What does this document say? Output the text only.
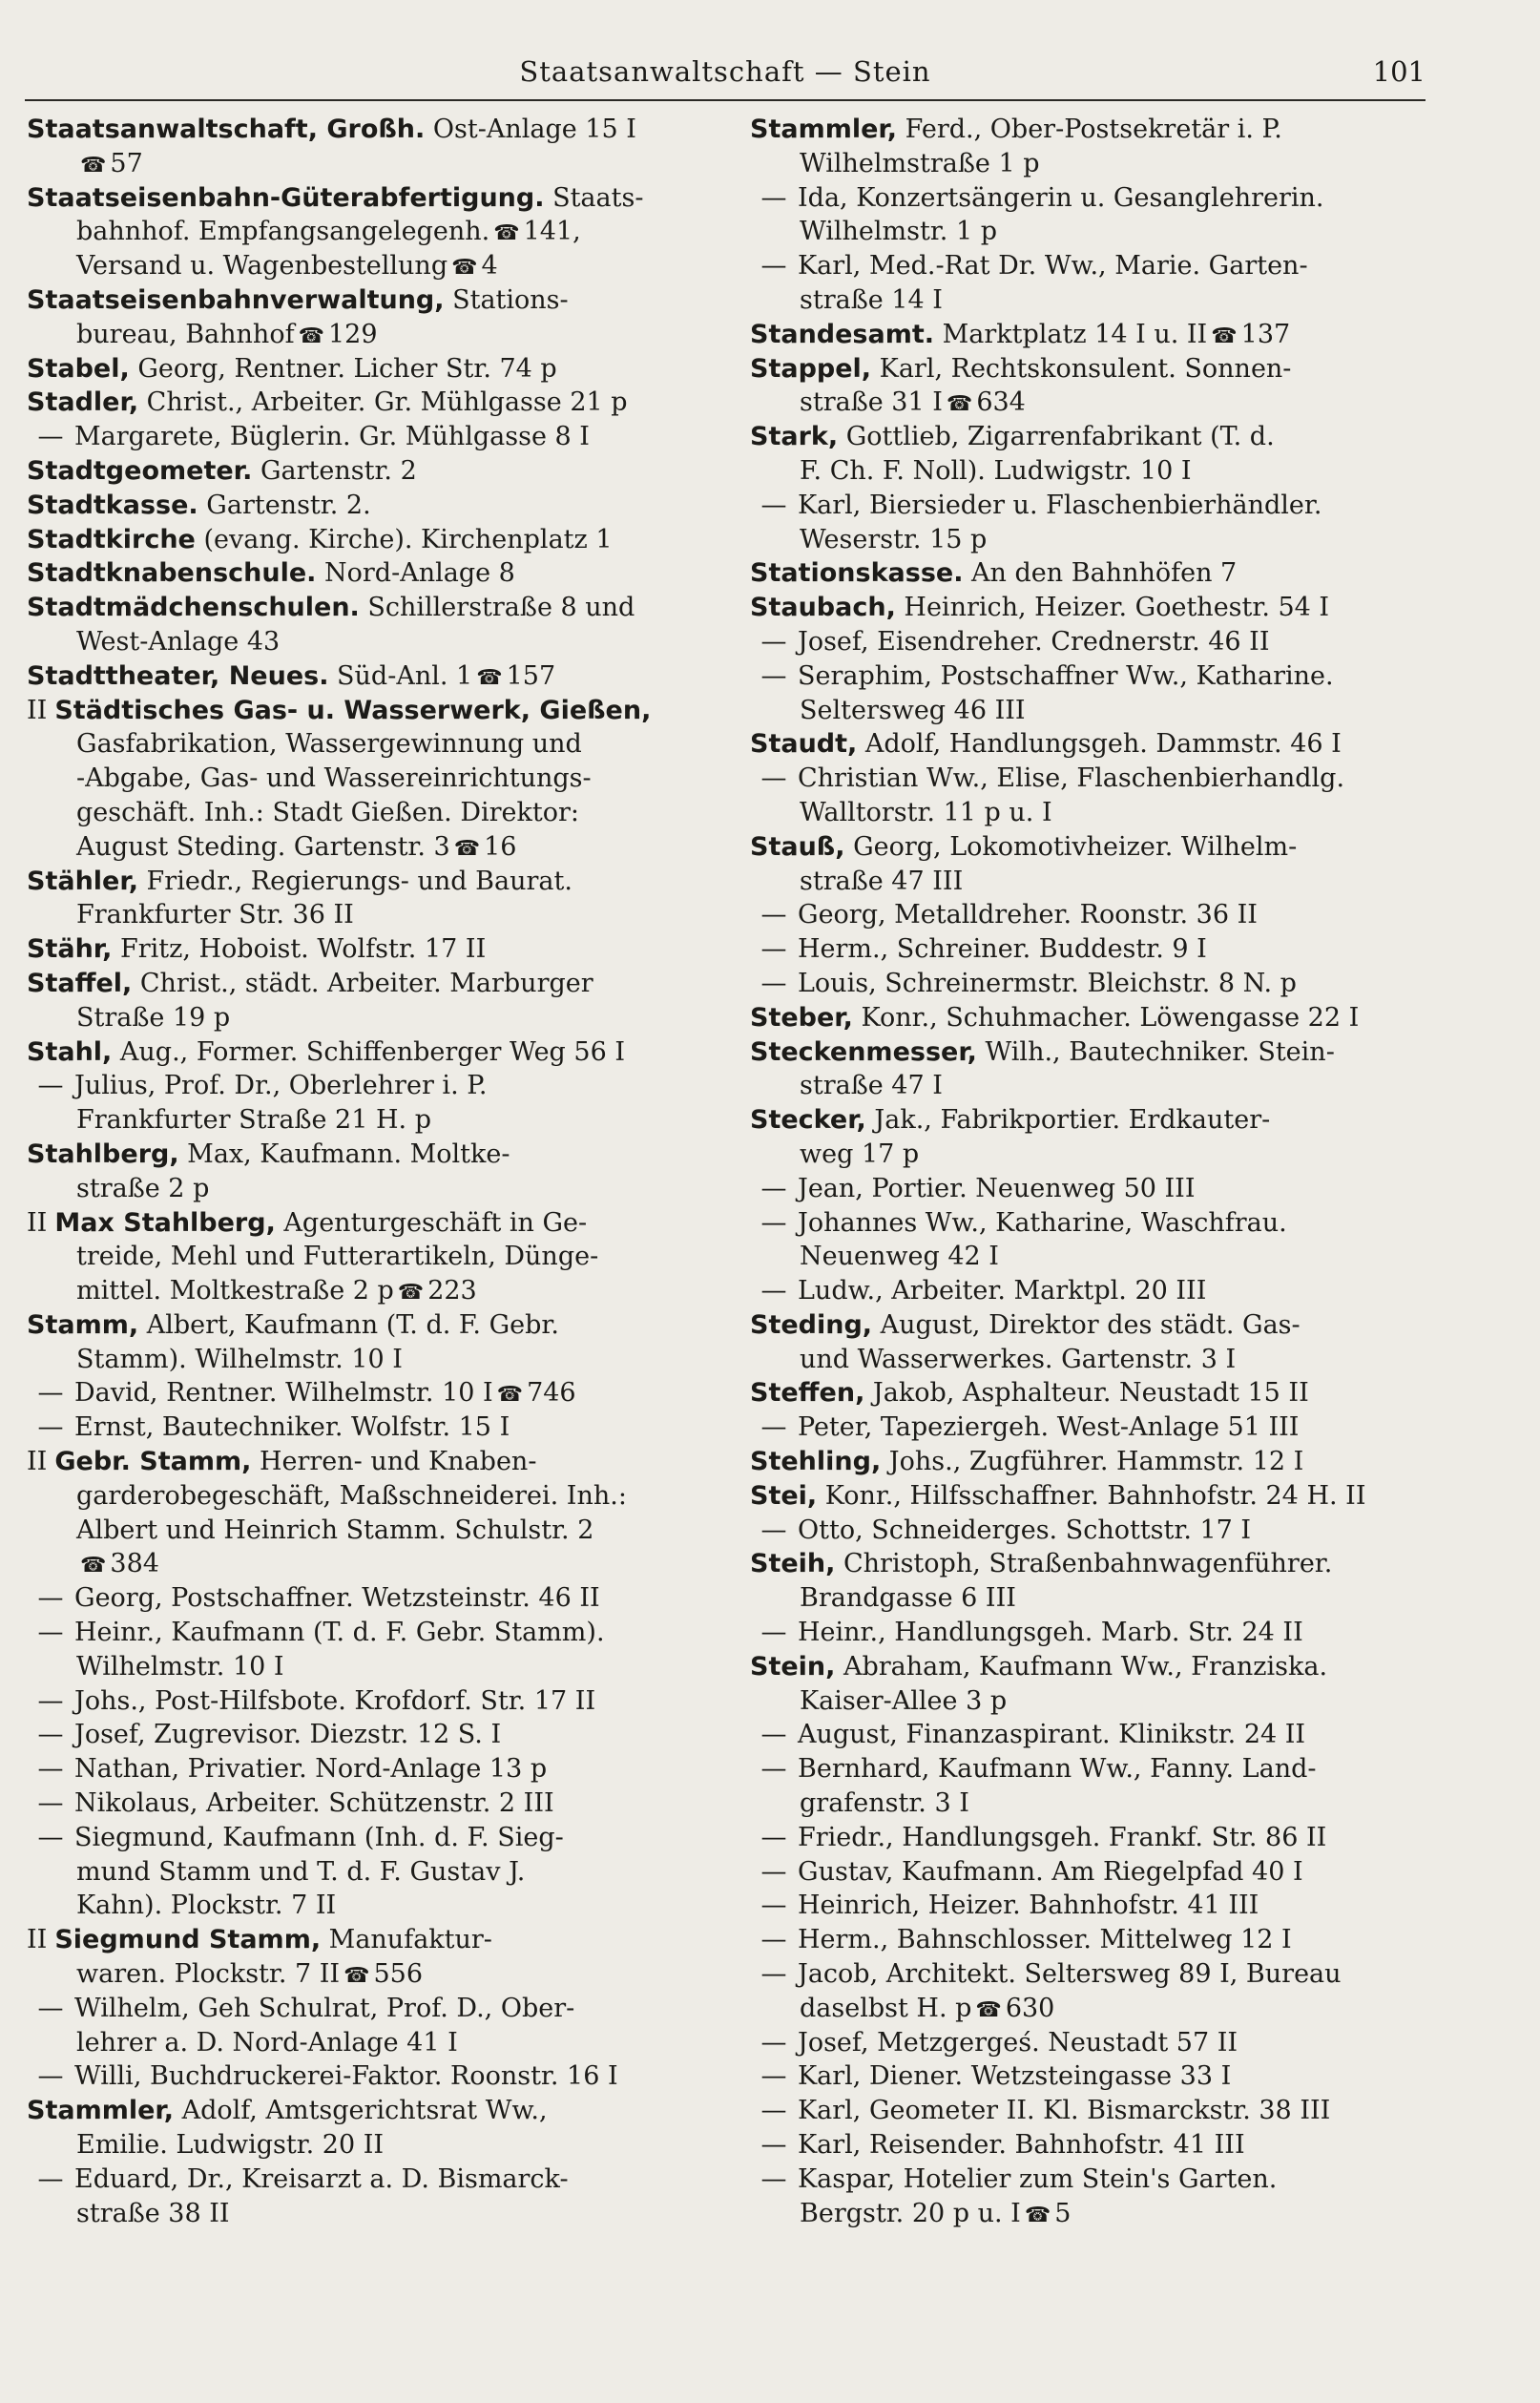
Staatsanwaltschaft — Stein	101
Staatsanwaltschaft, Großh. Ost-Anlage 15 I
☎ 57
Staatseisenbahn-Güterabfertigung. Staats-
bahnhof. Empfangsangelegenh. ☎ 141,
Versand u. Wagenbestellung ☎ 4
Staatseisenbahnverwaltung, Stations-
bureau, Bahnhof ☎ 129
Stabel, Georg, Rentner. Licher Str. 74 p
Stadler, Christ., Arbeiter. Gr. Mühlgasse 21 p
— Margarete, Büglerin. Gr. Mühlgasse 8 I
Stadtgeometer. Gartenstr. 2
Stadtkasse. Gartenstr. 2.
Stadtkirche (evang. Kirche). Kirchenplatz 1
Stadtknabenschule. Nord-Anlage 8
Stadtmädchenschulen. Schillerstraße 8 und
West-Anlage 43
Stadttheater, Neues. Süd-Anl. 1 ☎ 157
II Städtisches Gas- u. Wasserwerk, Gießen,
Gasfabrikation, Wassergewinnung und
-Abgabe, Gas- und Wassereinrichtungs-
geschäft. Inh.: Stadt Gießen. Direktor:
August Steding. Gartenstr. 3 ☎ 16
Stähler, Friedr., Regierungs- und Baurat.
Frankfurter Str. 36 II
Stähr, Fritz, Hoboist. Wolfstr. 17 II
Staffel, Christ., städt. Arbeiter. Marburger
Straße 19 p
Stahl, Aug., Former. Schiffenberger Weg 56 I
— Julius, Prof. Dr., Oberlehrer i. P.
Frankfurter Straße 21 H. p
Stahlberg, Max, Kaufmann. Moltke-
straße 2 p
II Max Stahlberg, Agenturgeschäft in Ge-
treide, Mehl und Futterartikeln, Dünge-
mittel. Moltkestraße 2 p ☎ 223
Stamm, Albert, Kaufmann (T. d. F. Gebr.
Stamm). Wilhelmstr. 10 I
— David, Rentner. Wilhelmstr. 10 I ☎ 746
— Ernst, Bautechniker. Wolfstr. 15 I
II Gebr. Stamm, Herren- und Knaben-
garderobegeschäft, Maßschneiderei. Inh.:
Albert und Heinrich Stamm. Schulstr. 2
☎ 384
— Georg, Postschaffner. Wetzsteinstr. 46 II
— Heinr., Kaufmann (T. d. F. Gebr. Stamm).
Wilhelmstr. 10 I
— Johs., Post-Hilfsbote. Krofdorf. Str. 17 II
— Josef, Zugrevisor. Diezstr. 12 S. I
— Nathan, Privatier. Nord-Anlage 13 p
— Nikolaus, Arbeiter. Schützenstr. 2 III
— Siegmund, Kaufmann (Inh. d. F. Sieg-
mund Stamm und T. d. F. Gustav J.
Kahn). Plockstr. 7 II
II Siegmund Stamm, Manufaktur-
waren. Plockstr. 7 II ☎ 556
— Wilhelm, Geh Schulrat, Prof. D., Ober-
lehrer a. D. Nord-Anlage 41 I
— Willi, Buchdruckerei-Faktor. Roonstr. 16 I
Stammler, Adolf, Amtsgerichtsrat Ww.,
Emilie. Ludwigstr. 20 II
— Eduard, Dr., Kreisarzt a. D. Bismarck-
straße 38 II
Stammler, Ferd., Ober-Postsekretär i. P.
Wilhelmstraße 1 p
— Ida, Konzertsängerin u. Gesanglehrerin.
Wilhelmstr. 1 p
— Karl, Med.-Rat Dr. Ww., Marie. Garten-
straße 14 I
Standesamt. Marktplatz 14 I u. II ☎ 137
Stappel, Karl, Rechtskonsulent. Sonnen-
straße 31 I ☎ 634
Stark, Gottlieb, Zigarrenfabrikant (T. d.
F. Ch. F. Noll). Ludwigstr. 10 I
— Karl, Biersieder u. Flaschenbierhändler.
Weserstr. 15 p
Stationskasse. An den Bahnhöfen 7
Staubach, Heinrich, Heizer. Goethestr. 54 I
— Josef, Eisendreher. Crednerstr. 46 II
— Seraphim, Postschaffner Ww., Katharine.
Seltersweg 46 III
Staudt, Adolf, Handlungsgeh. Dammstr. 46 I
— Christian Ww., Elise, Flaschenbierhandlg.
Walltorstr. 11 p u. I
Stauß, Georg, Lokomotivheizer. Wilhelm-
straße 47 III
— Georg, Metalldreher. Roonstr. 36 II
— Herm., Schreiner. Buddestr. 9 I
— Louis, Schreinermstr. Bleichstr. 8 N. p
Steber, Konr., Schuhmacher. Löwengasse 22 I
Steckenmesser, Wilh., Bautechniker. Stein-
straße 47 I
Stecker, Jak., Fabrikportier. Erdkauter-
weg 17 p
— Jean, Portier. Neuenweg 50 III
— Johannes Ww., Katharine, Waschfrau.
Neuenweg 42 I
— Ludw., Arbeiter. Marktpl. 20 III
Steding, August, Direktor des städt. Gas-
und Wasserwerkes. Gartenstr. 3 I
Steffen, Jakob, Asphalteur. Neustadt 15 II
— Peter, Tapeziergeh. West-Anlage 51 III
Stehling, Johs., Zugführer. Hammstr. 12 I
Stei, Konr., Hilfsschaffner. Bahnhofstr. 24 H. II
— Otto, Schneiderges. Schottstr. 17 I
Steih, Christoph, Straßenbahnwagenführer.
Brandgasse 6 III
— Heinr., Handlungsgeh. Marb. Str. 24 II
Stein, Abraham, Kaufmann Ww., Franziska.
Kaiser-Allee 3 p
— August, Finanzaspirant. Klinikstr. 24 II
— Bernhard, Kaufmann Ww., Fanny. Land-
grafenstr. 3 I
— Friedr., Handlungsgeh. Frankf. Str. 86 II
— Gustav, Kaufmann. Am Riegelpfad 40 I
— Heinrich, Heizer. Bahnhofstr. 41 III
— Herm., Bahnschlosser. Mittelweg 12 I
— Jacob, Architekt. Seltersweg 89 I, Bureau
daselbst H. p ☎ 630
— Josef, Metzgergeś. Neustadt 57 II
— Karl, Diener. Wetzsteingasse 33 I
— Karl, Geometer II. Kl. Bismarckstr. 38 III
— Karl, Reisender. Bahnhofstr. 41 III
— Kaspar, Hotelier zum Stein's Garten.
Bergstr. 20 p u. I ☎ 5
